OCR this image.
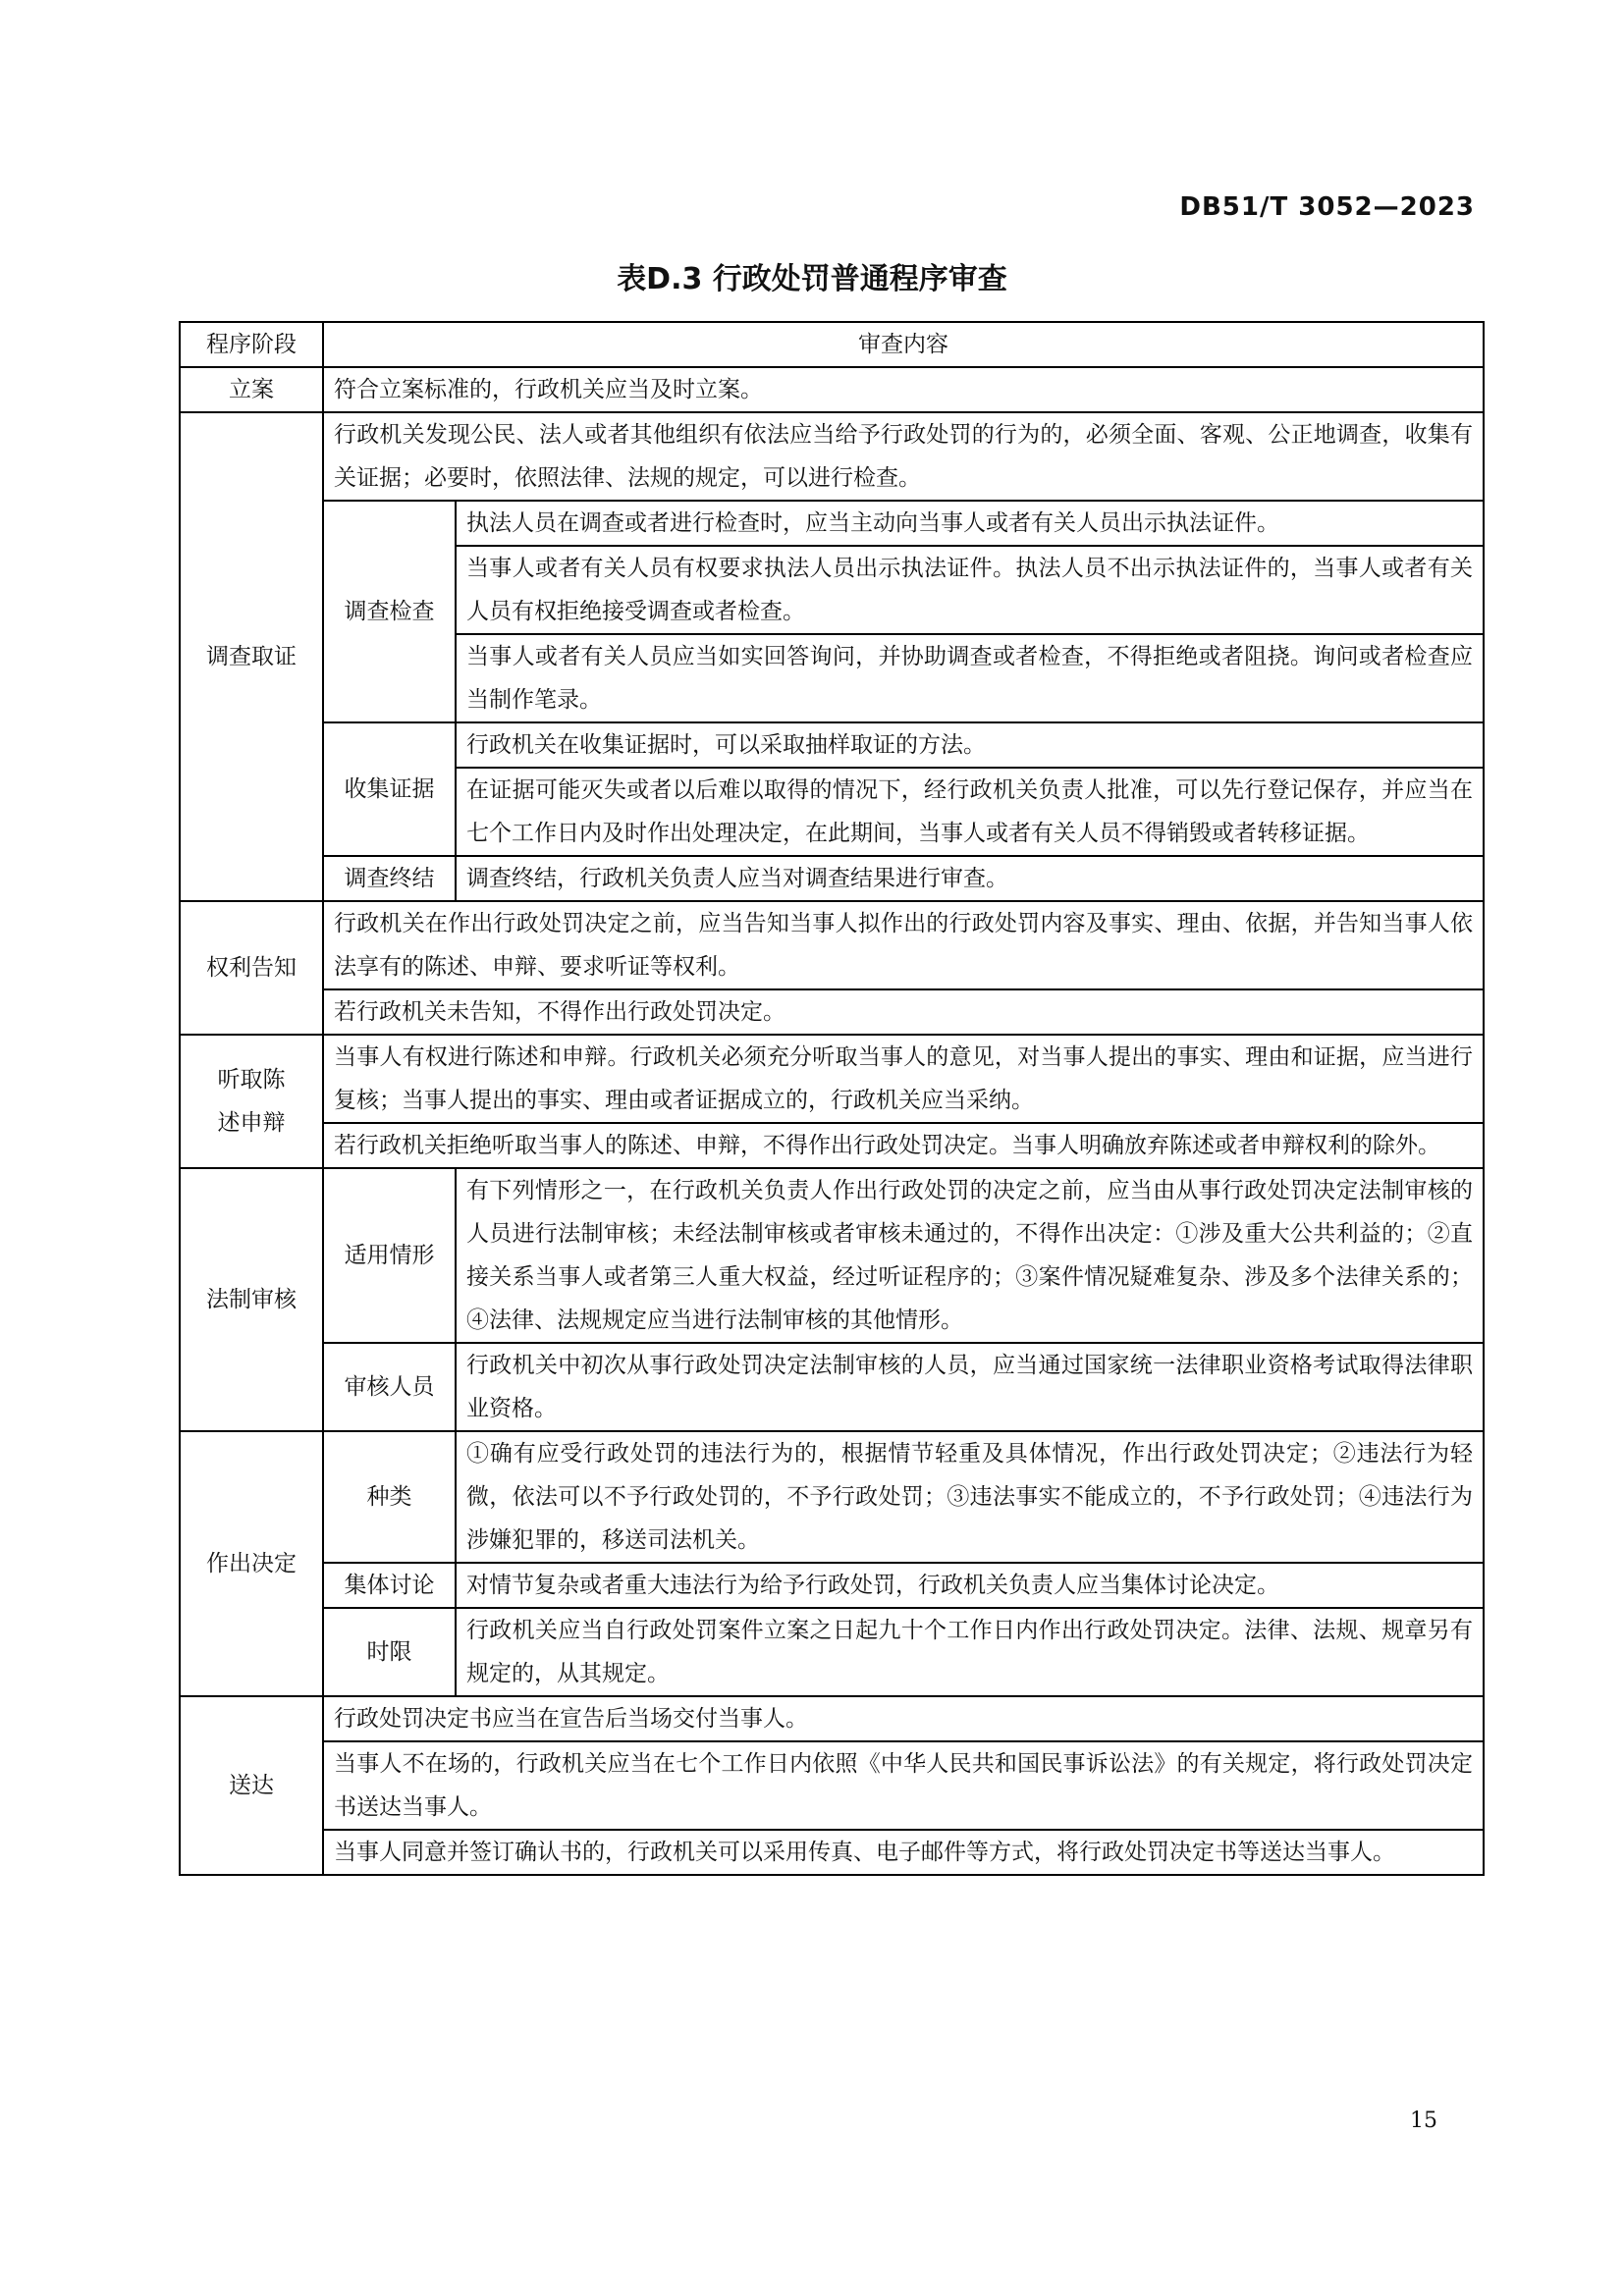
DB51/T 3052—2023
表D.3 行政处罚普通程序审查
程序阶段	审查内容	
立案	符合立案标准的，行政机关应当及时立案。	
调查取证	行政机关发现公民、法人或者其他组织有依法应当给予行政处罚的行为的，必须全面、客观、公正地调查，收集有关证据；必要时，依照法律、法规的规定，可以进行检查。	
	调查检查	执法人员在调查或者进行检查时，应当主动向当事人或者有关人员出示执法证件。
		当事人或者有关人员有权要求执法人员出示执法证件。执法人员不出示执法证件的，当事人或者有关人员有权拒绝接受调查或者检查。
		当事人或者有关人员应当如实回答询问，并协助调查或者检查，不得拒绝或者阻挠。询问或者检查应当制作笔录。
	收集证据	行政机关在收集证据时，可以采取抽样取证的方法。
		在证据可能灭失或者以后难以取得的情况下，经行政机关负责人批准，可以先行登记保存，并应当在七个工作日内及时作出处理决定，在此期间，当事人或者有关人员不得销毁或者转移证据。
	调查终结	调查终结，行政机关负责人应当对调查结果进行审查。
权利告知	行政机关在作出行政处罚决定之前，应当告知当事人拟作出的行政处罚内容及事实、理由、依据，并告知当事人依法享有的陈述、申辩、要求听证等权利。	
	若行政机关未告知，不得作出行政处罚决定。	
听取陈述申辩	当事人有权进行陈述和申辩。行政机关必须充分听取当事人的意见，对当事人提出的事实、理由和证据，应当进行复核；当事人提出的事实、理由或者证据成立的，行政机关应当采纳。	
	若行政机关拒绝听取当事人的陈述、申辩，不得作出行政处罚决定。当事人明确放弃陈述或者申辩权利的除外。	
法制审核	适用情形	有下列情形之一，在行政机关负责人作出行政处罚的决定之前，应当由从事行政处罚决定法制审核的人员进行法制审核；未经法制审核或者审核未通过的，不得作出决定：①涉及重大公共利益的；②直接关系当事人或者第三人重大权益，经过听证程序的；③案件情况疑难复杂、涉及多个法律关系的；④法律、法规规定应当进行法制审核的其他情形。
	审核人员	行政机关中初次从事行政处罚决定法制审核的人员，应当通过国家统一法律职业资格考试取得法律职业资格。
作出决定	种类	①确有应受行政处罚的违法行为的，根据情节轻重及具体情况，作出行政处罚决定；②违法行为轻微，依法可以不予行政处罚的，不予行政处罚；③违法事实不能成立的，不予行政处罚；④违法行为涉嫌犯罪的，移送司法机关。
	集体讨论	对情节复杂或者重大违法行为给予行政处罚，行政机关负责人应当集体讨论决定。
	时限	行政机关应当自行政处罚案件立案之日起九十个工作日内作出行政处罚决定。法律、法规、规章另有规定的，从其规定。
送达	行政处罚决定书应当在宣告后当场交付当事人。	
	当事人不在场的，行政机关应当在七个工作日内依照《中华人民共和国民事诉讼法》的有关规定，将行政处罚决定书送达当事人。	
	当事人同意并签订确认书的，行政机关可以采用传真、电子邮件等方式，将行政处罚决定书等送达当事人。	
15
